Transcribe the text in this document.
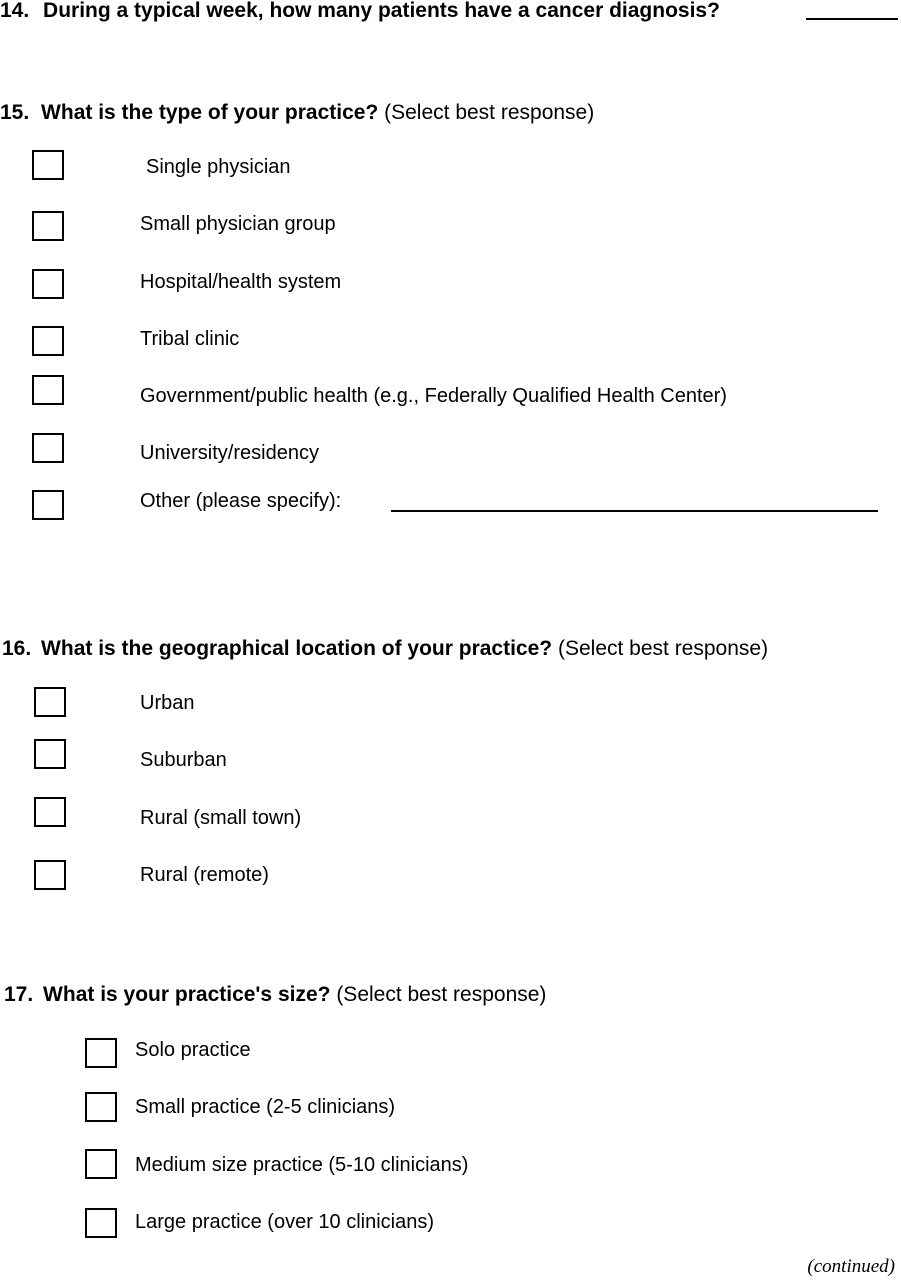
14. During a typical week, how many patients have a cancer diagnosis?
15. What is the type of your practice? (Select best response)
Single physician
Small physician group
Hospital/health system
Tribal clinic
Government/public health (e.g., Federally Qualified Health Center)
University/residency
Other (please specify):
16. What is the geographical location of your practice? (Select best response)
Urban
Suburban
Rural (small town)
Rural (remote)
17. What is your practice's size? (Select best response)
Solo practice
Small practice (2-5 clinicians)
Medium size practice (5-10 clinicians)
Large practice (over 10 clinicians)
(continued)
